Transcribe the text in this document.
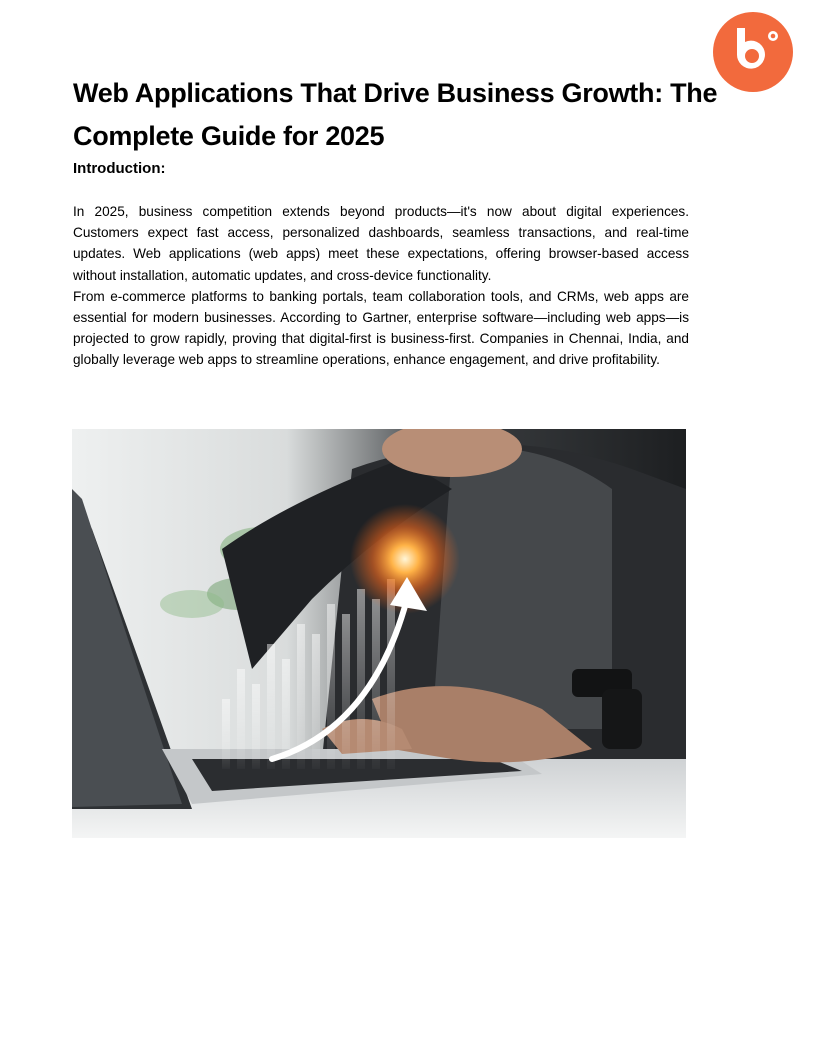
Web Applications That Drive Business Growth: The Complete Guide for 2025
Introduction:

In 2025, business competition extends beyond products—it's now about digital experiences. Customers expect fast access, personalized dashboards, seamless transactions, and real-time updates. Web applications (web apps) meet these expectations, offering browser-based access without installation, automatic updates, and cross-device functionality.

From e-commerce platforms to banking portals, team collaboration tools, and CRMs, web apps are essential for modern businesses. According to Gartner, enterprise software—including web apps—is projected to grow rapidly, proving that digital-first is business-first. Companies in Chennai, India, and globally leverage web apps to streamline operations, enhance engagement, and drive profitability.
